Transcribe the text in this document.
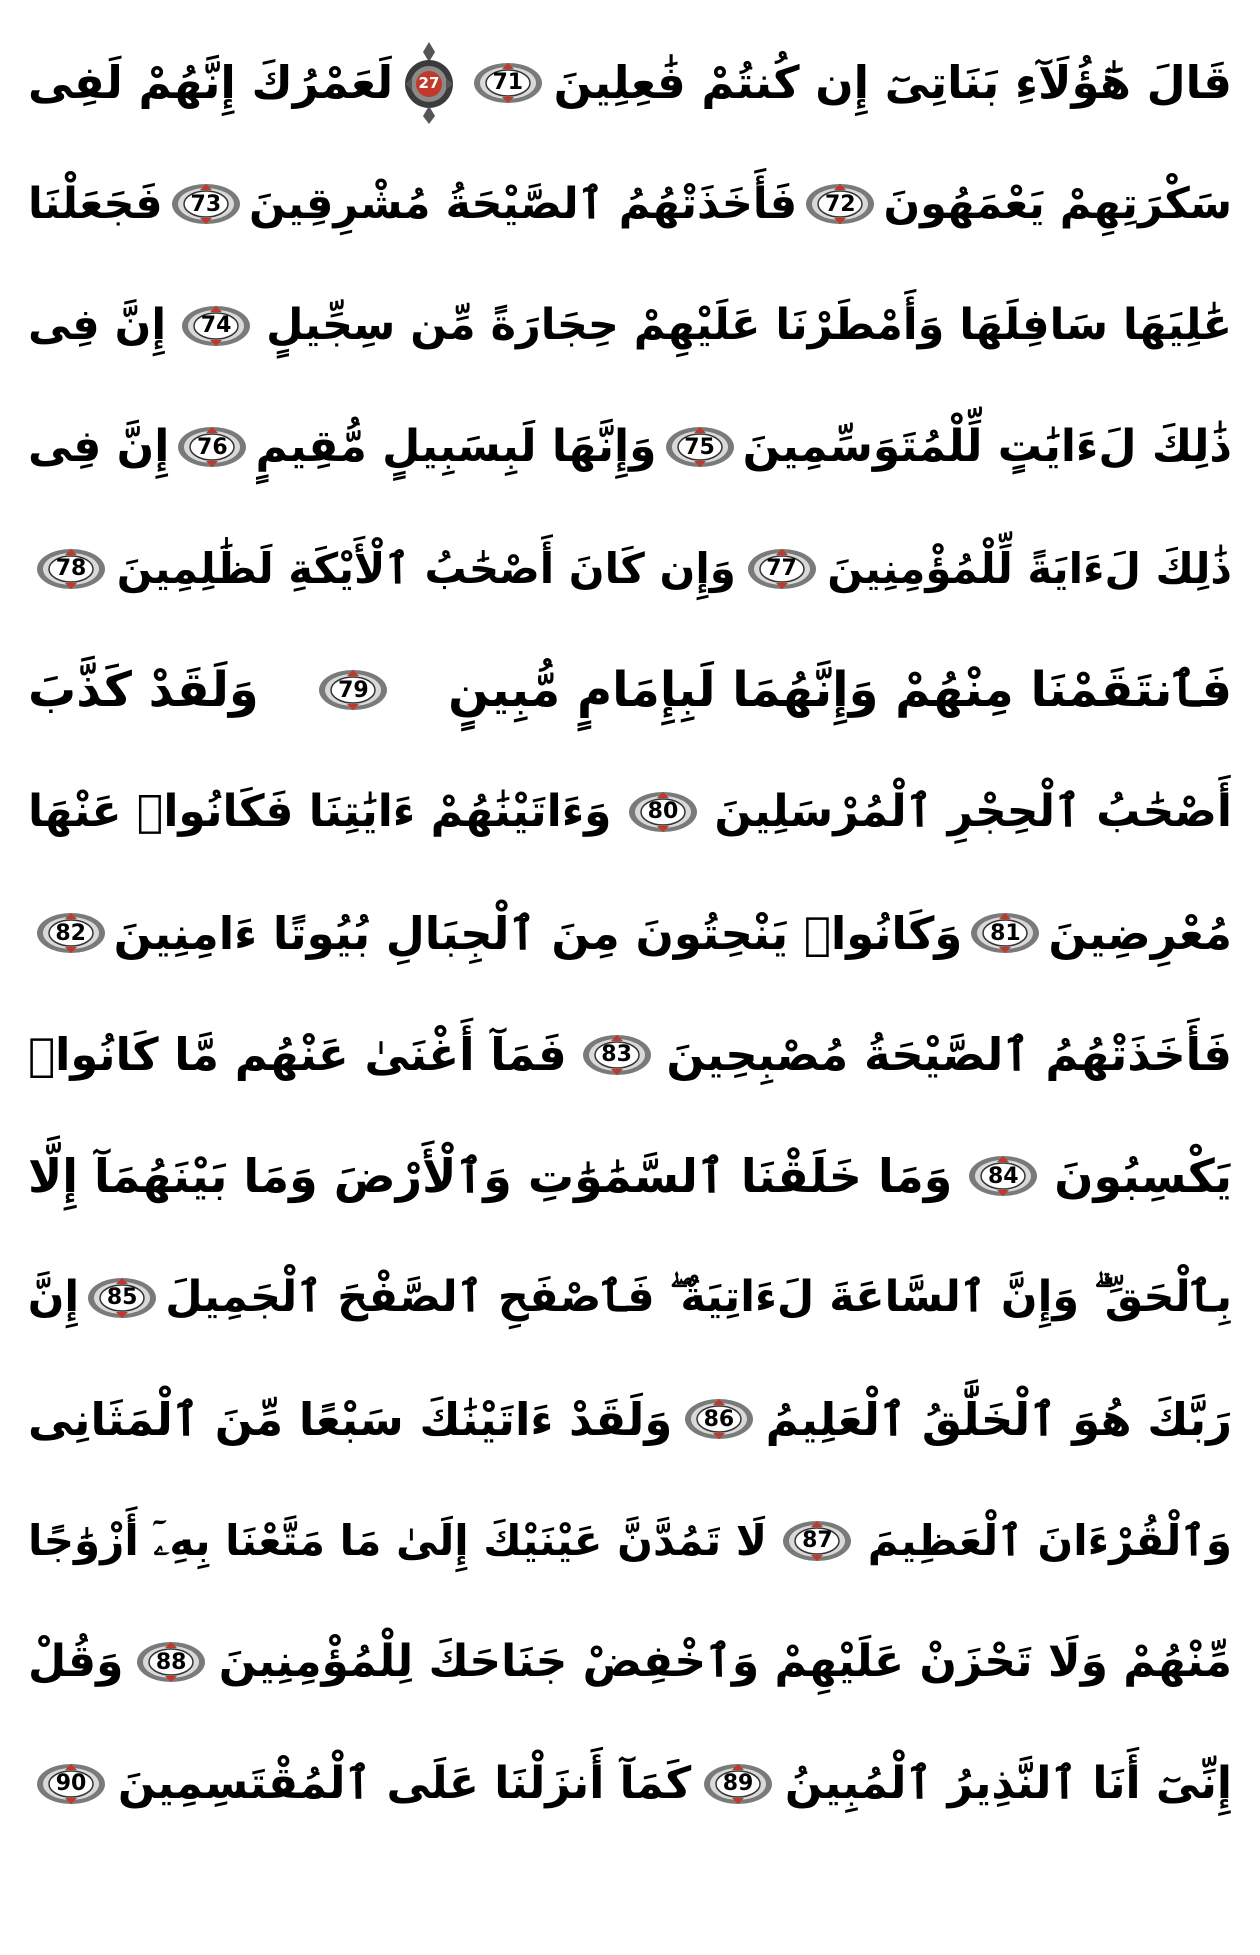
قَالَ هَٰٓؤُلَآءِ بَنَاتِىٓ إِن كُنتُمْ فَٰعِلِينَ
71
27
لَعَمْرُكَ إِنَّهُمْ لَفِى
سَكْرَتِهِمْ يَعْمَهُونَ
72
فَأَخَذَتْهُمُ ٱلصَّيْحَةُ مُشْرِقِينَ
73
فَجَعَلْنَا
عَٰلِيَهَا سَافِلَهَا وَأَمْطَرْنَا عَلَيْهِمْ حِجَارَةً مِّن سِجِّيلٍ
74
إِنَّ فِى
ذَٰلِكَ لَءَايَٰتٍ لِّلْمُتَوَسِّمِينَ
75
وَإِنَّهَا لَبِسَبِيلٍ مُّقِيمٍ
76
إِنَّ فِى
ذَٰلِكَ لَءَايَةً لِّلْمُؤْمِنِينَ
77
وَإِن كَانَ أَصْحَٰبُ ٱلْأَيْكَةِ لَظَٰلِمِينَ
78
فَٱنتَقَمْنَا مِنْهُمْ وَإِنَّهُمَا لَبِإِمَامٍ مُّبِينٍ
79
وَلَقَدْ كَذَّبَ
أَصْحَٰبُ ٱلْحِجْرِ ٱلْمُرْسَلِينَ
80
وَءَاتَيْنَٰهُمْ ءَايَٰتِنَا فَكَانُوا۟ عَنْهَا
مُعْرِضِينَ
81
وَكَانُوا۟ يَنْحِتُونَ مِنَ ٱلْجِبَالِ بُيُوتًا ءَامِنِينَ
82
فَأَخَذَتْهُمُ ٱلصَّيْحَةُ مُصْبِحِينَ
83
فَمَآ أَغْنَىٰ عَنْهُم مَّا كَانُوا۟
يَكْسِبُونَ
84
وَمَا خَلَقْنَا ٱلسَّمَٰوَٰتِ وَٱلْأَرْضَ وَمَا بَيْنَهُمَآ إِلَّا
بِٱلْحَقِّ ۗ وَإِنَّ ٱلسَّاعَةَ لَءَاتِيَةٌ ۖ فَٱصْفَحِ ٱلصَّفْحَ ٱلْجَمِيلَ
85
إِنَّ
رَبَّكَ هُوَ ٱلْخَلَّٰقُ ٱلْعَلِيمُ
86
وَلَقَدْ ءَاتَيْنَٰكَ سَبْعًا مِّنَ ٱلْمَثَانِى
وَٱلْقُرْءَانَ ٱلْعَظِيمَ
87
لَا تَمُدَّنَّ عَيْنَيْكَ إِلَىٰ مَا مَتَّعْنَا بِهِۦٓ أَزْوَٰجًا
مِّنْهُمْ وَلَا تَحْزَنْ عَلَيْهِمْ وَٱخْفِضْ جَنَاحَكَ لِلْمُؤْمِنِينَ
88
وَقُلْ
إِنِّىٓ أَنَا ٱلنَّذِيرُ ٱلْمُبِينُ
89
كَمَآ أَنزَلْنَا عَلَى ٱلْمُقْتَسِمِينَ
90
